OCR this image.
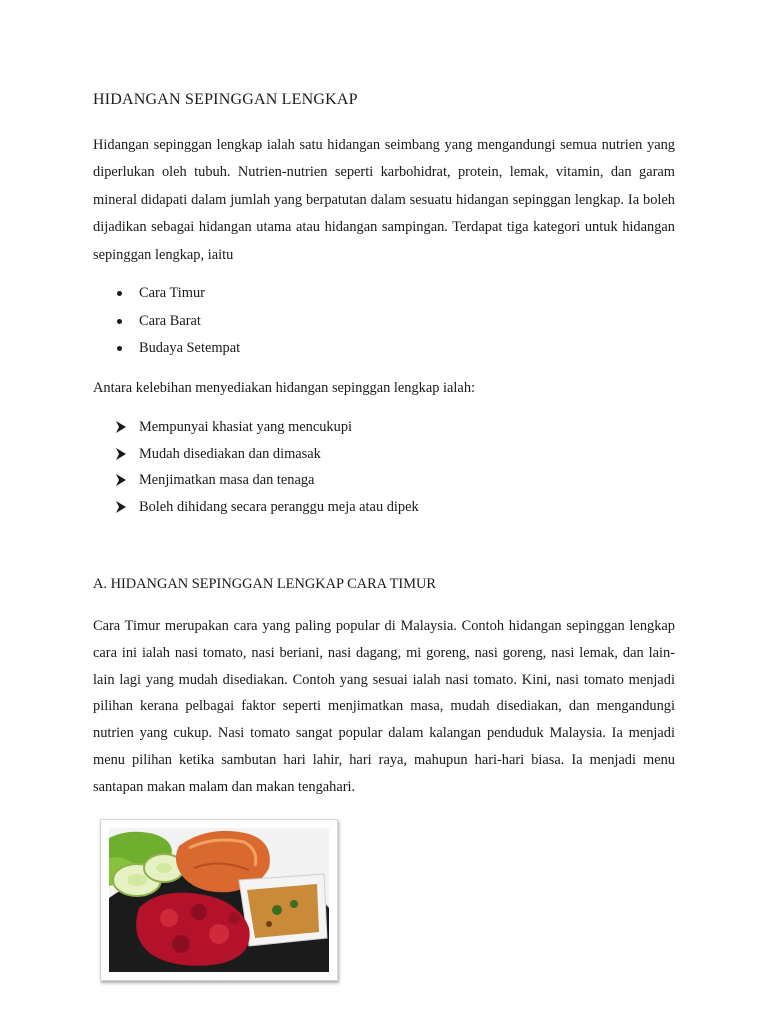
HIDANGAN SEPINGGAN LENGKAP

Hidangan sepinggan lengkap ialah satu hidangan seimbang yang mengandungi semua nutrien yang diperlukan oleh tubuh. Nutrien-nutrien seperti karbohidrat, protein, lemak, vitamin, dan garam mineral didapati dalam jumlah yang berpatutan dalam sesuatu hidangan sepinggan lengkap. Ia boleh dijadikan sebagai hidangan utama atau hidangan sampingan. Terdapat tiga kategori untuk hidangan sepinggan lengkap, iaitu

Cara Timur
Cara Barat
Budaya Setempat

Antara kelebihan menyediakan hidangan sepinggan lengkap ialah:

Mempunyai khasiat yang mencukupi
Mudah disediakan dan dimasak
Menjimatkan masa dan tenaga
Boleh dihidang secara peranggu meja atau dipek
A. HIDANGAN SEPINGGAN LENGKAP CARA TIMUR

Cara Timur merupakan cara yang paling popular di Malaysia. Contoh hidangan sepinggan lengkap cara ini ialah nasi tomato, nasi beriani, nasi dagang, mi goreng, nasi goreng, nasi lemak, dan lain-lain lagi yang mudah disediakan. Contoh yang sesuai ialah nasi tomato. Kini, nasi tomato menjadi pilihan kerana pelbagai faktor seperti menjimatkan masa, mudah disediakan, dan mengandungi nutrien yang cukup. Nasi tomato sangat popular dalam kalangan penduduk Malaysia. Ia menjadi menu pilihan ketika sambutan hari lahir, hari raya, mahupun hari-hari biasa. Ia menjadi menu santapan makan malam dan makan tengahari.
